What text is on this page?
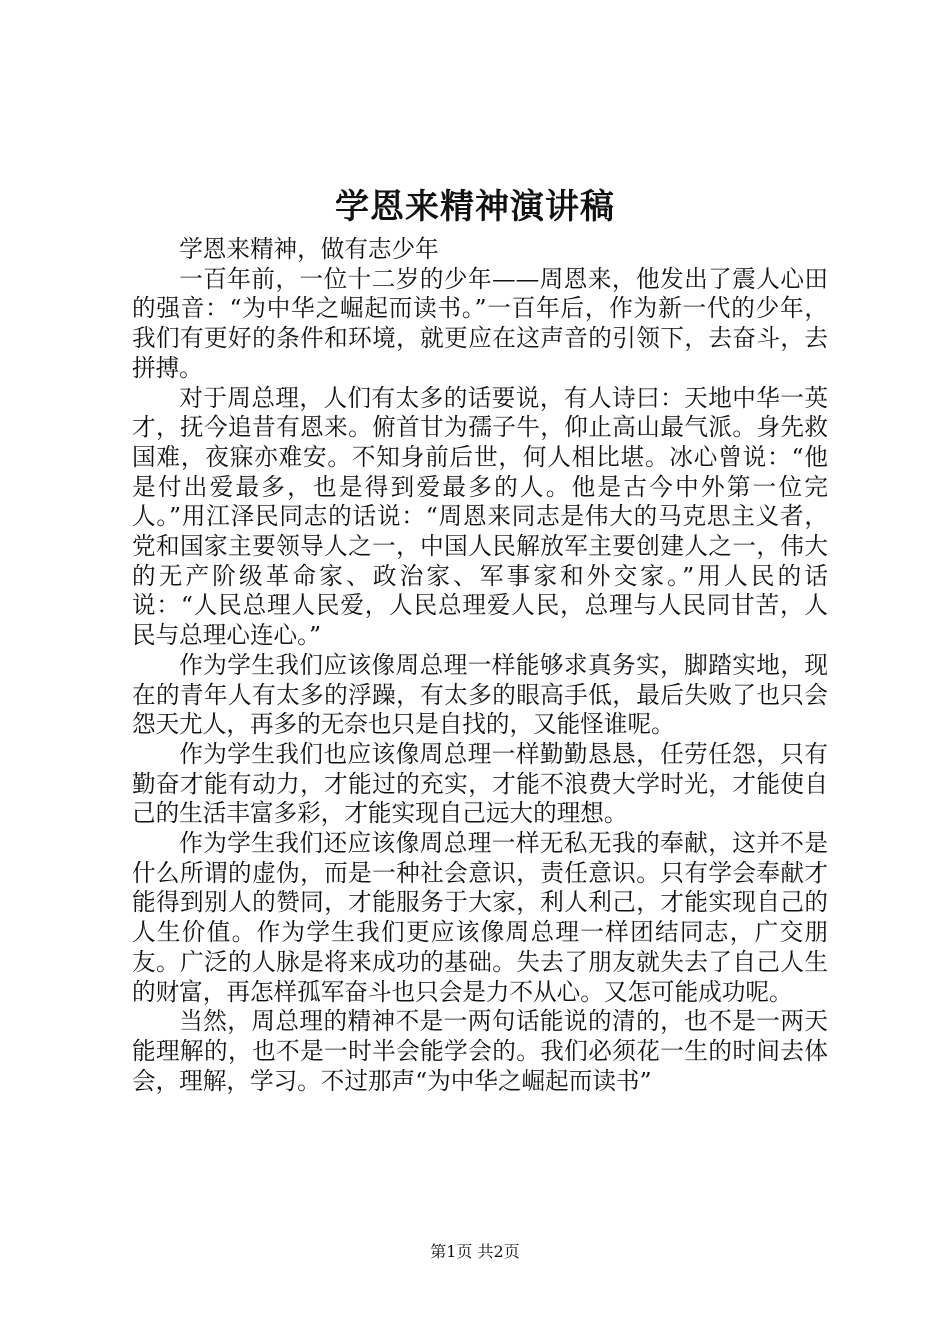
学恩来精神演讲稿

学恩来精神，做有志少年

一百年前，一位十二岁的少年——周恩来，他发出了震人心田的强音：“为中华之崛起而读书。”一百年后，作为新一代的少年，我们有更好的条件和环境，就更应在这声音的引领下，去奋斗，去拼搏。

对于周总理，人们有太多的话要说，有人诗曰：天地中华一英才，抚今追昔有恩来。俯首甘为孺子牛，仰止高山最气派。身先救国难，夜寐亦难安。不知身前后世，何人相比堪。冰心曾说：“他是付出爱最多，也是得到爱最多的人。他是古今中外第一位完人。”用江泽民同志的话说：“周恩来同志是伟大的马克思主义者，党和国家主要领导人之一，中国人民解放军主要创建人之一，伟大的无产阶级革命家、政治家、军事家和外交家。”用人民的话说：“人民总理人民爱，人民总理爱人民，总理与人民同甘苦，人民与总理心连心。”

作为学生我们应该像周总理一样能够求真务实，脚踏实地，现在的青年人有太多的浮躁，有太多的眼高手低，最后失败了也只会怨天尤人，再多的无奈也只是自找的，又能怪谁呢。

作为学生我们也应该像周总理一样勤勤恳恳，任劳任怨，只有勤奋才能有动力，才能过的充实，才能不浪费大学时光，才能使自己的生活丰富多彩，才能实现自己远大的理想。

作为学生我们还应该像周总理一样无私无我的奉献，这并不是什么所谓的虚伪，而是一种社会意识，责任意识。只有学会奉献才能得到别人的赞同，才能服务于大家，利人利己，才能实现自己的人生价值。作为学生我们更应该像周总理一样团结同志，广交朋友。广泛的人脉是将来成功的基础。失去了朋友就失去了自己人生的财富，再怎样孤军奋斗也只会是力不从心。又怎可能成功呢。

当然，周总理的精神不是一两句话能说的清的，也不是一两天能理解的，也不是一时半会能学会的。我们必须花一生的时间去体会，理解，学习。不过那声“为中华之崛起而读书”

第1页 共2页
